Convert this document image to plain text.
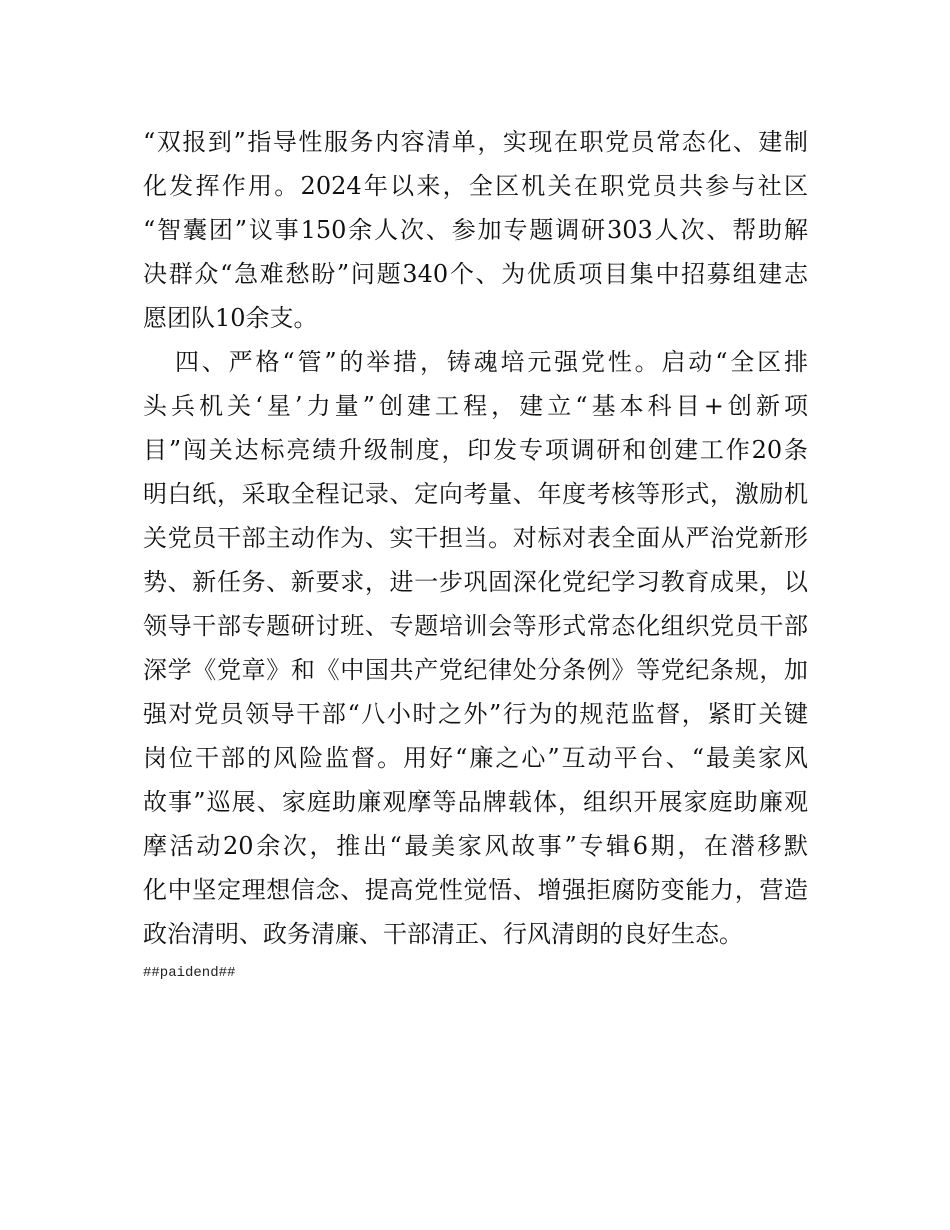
“双报到”指导性服务内容清单，实现在职党员常态化、建制
化发挥作用。2024年以来，全区机关在职党员共参与社区
“智囊团”议事150余人次、参加专题调研303人次、帮助解
决群众“急难愁盼”问题340个、为优质项目集中招募组建志
愿团队10余支。
四、严格“管”的举措，铸魂培元强党性。启动“全区排
头兵机关‘星’力量”创建工程，建立“基本科目+创新项
目”闯关达标亮绩升级制度，印发专项调研和创建工作20条
明白纸，采取全程记录、定向考量、年度考核等形式，激励机
关党员干部主动作为、实干担当。对标对表全面从严治党新形
势、新任务、新要求，进一步巩固深化党纪学习教育成果，以
领导干部专题研讨班、专题培训会等形式常态化组织党员干部
深学《党章》和《中国共产党纪律处分条例》等党纪条规，加
强对党员领导干部“八小时之外”行为的规范监督，紧盯关键
岗位干部的风险监督。用好“廉之心”互动平台、“最美家风
故事”巡展、家庭助廉观摩等品牌载体，组织开展家庭助廉观
摩活动20余次，推出“最美家风故事”专辑6期，在潜移默
化中坚定理想信念、提高党性觉悟、增强拒腐防变能力，营造
政治清明、政务清廉、干部清正、行风清朗的良好生态。
##paidend##
